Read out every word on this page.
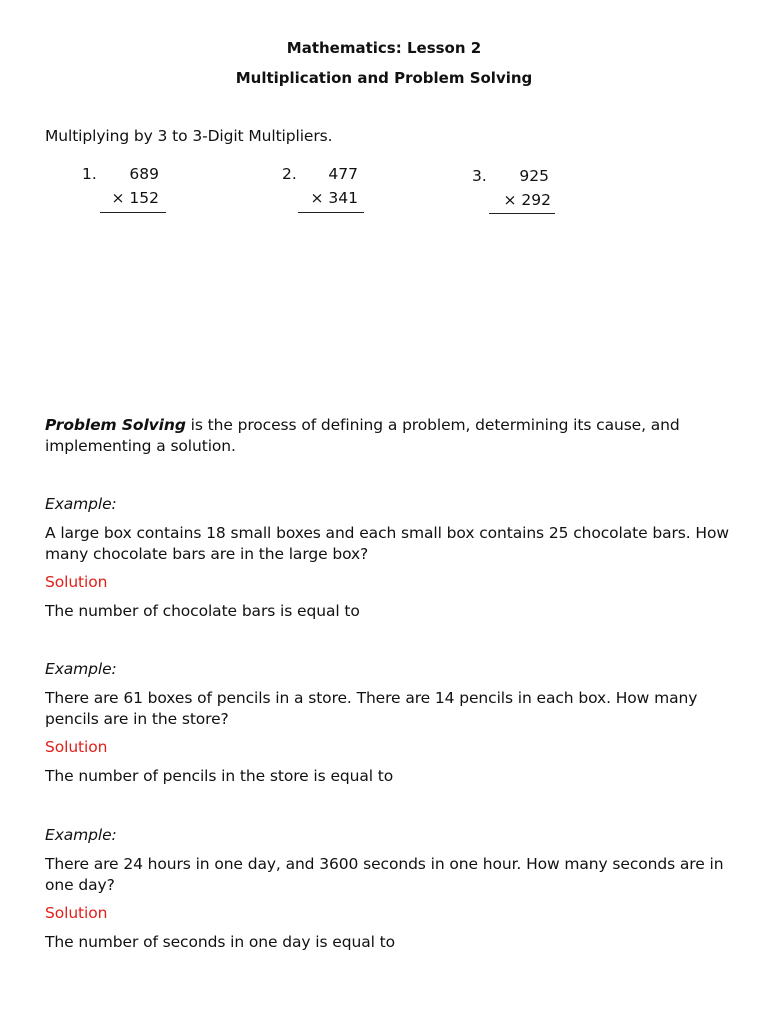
Mathematics: Lesson 2
Multiplication and Problem Solving
Multiplying by 3 to 3-Digit Multipliers.
1.	689
× 152
2.	477
× 341
3.	925
× 292
Problem Solving is the process of defining a problem, determining its cause, and implementing a solution.
Example:
A large box contains 18 small boxes and each small box contains 25 chocolate bars. How many chocolate bars are in the large box?
Solution
The number of chocolate bars is equal to
Example:
There are 61 boxes of pencils in a store. There are 14 pencils in each box. How many pencils are in the store?
Solution
The number of pencils in the store is equal to
Example:
There are 24 hours in one day, and 3600 seconds in one hour. How many seconds are in one day?
Solution
The number of seconds in one day is equal to
